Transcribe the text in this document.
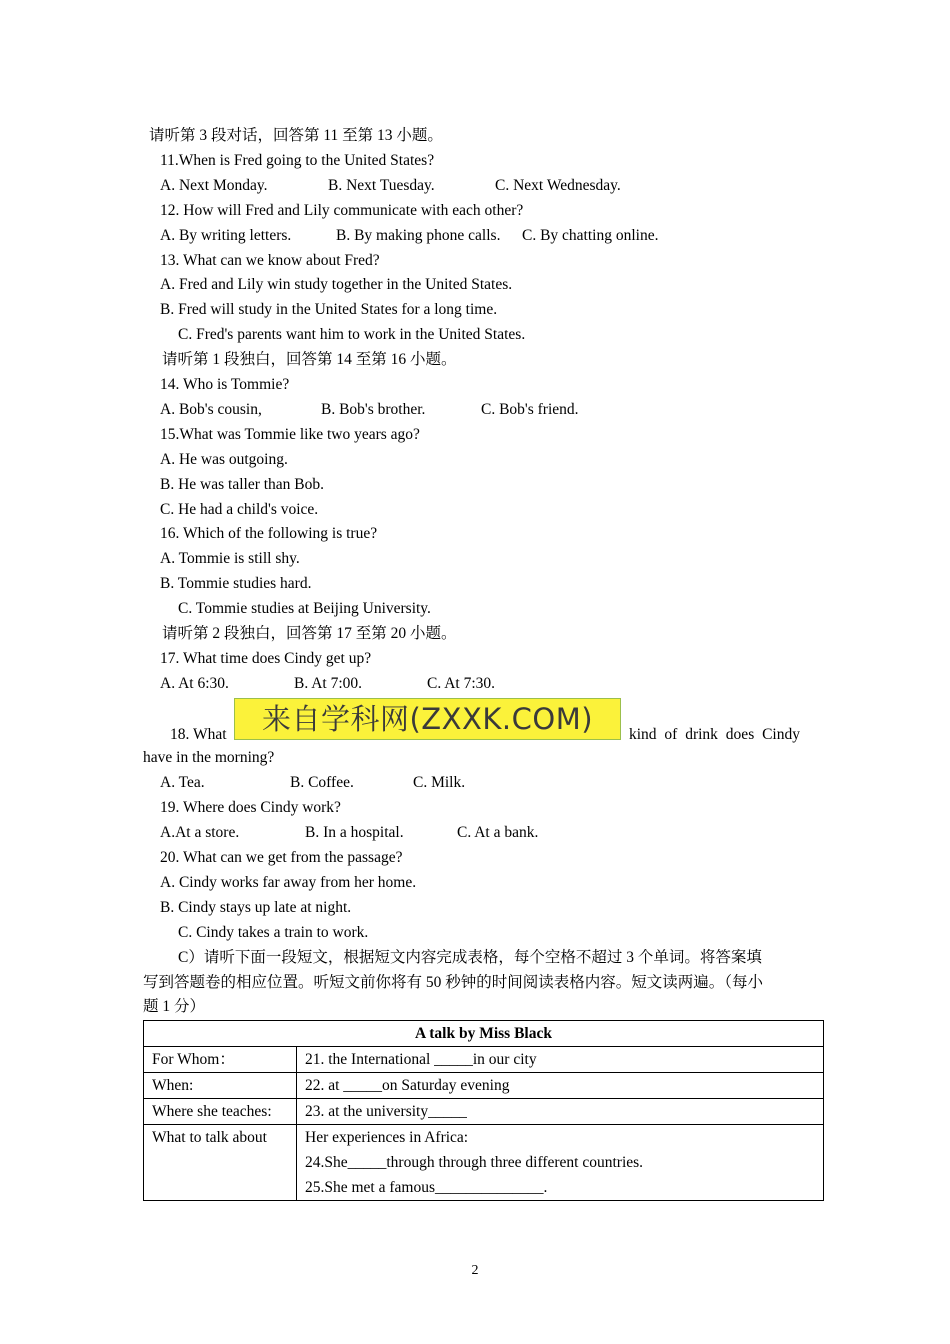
请听第 3 段对话，回答第 11 至第 13 小题。
11.When is Fred going to the United States?
A. Next Monday.	B. Next Tuesday.	C. Next Wednesday.
12. How will Fred and Lily communicate with each other?
A. By writing letters.	B. By making phone calls. C. By chatting online.
13. What can we know about Fred?
A. Fred and Lily win study together in the United States.
B. Fred will study in the United States for a long time.
C. Fred's parents want him to work in the United States.
请听第 1 段独白，回答第 14 至第 16 小题。
14. Who is Tommie?
A. Bob's cousin,	B. Bob's brother.	C. Bob's friend.
15.What was Tommie like two years ago?
A. He was outgoing.
B. He was taller than Bob.
C. He had a child's voice.
16. Which of the following is true?
A. Tommie is still shy.
B. Tommie studies hard.
C. Tommie studies at Beijing University.
请听第 2 段独白，回答第 17 至第 20 小题。
17. What time does Cindy get up?
A. At 6:30.	B. At 7:00.	C. At 7:30.
18. What	来自学科网(ZXXK.COM)	kind of drink does Cindy
have in the morning?
A. Tea.	B. Coffee.	C. Milk.
19. Where does Cindy work?
A.At a store.	B. In a hospital.	C. At a bank.
20. What can we get from the passage?
A. Cindy works far away from her home.
B. Cindy stays up late at night.
C. Cindy takes a train to work.
C）请听下面一段短文，根据短文内容完成表格，每个空格不超过 3 个单词。将答案填
写到答题卷的相应位置。听短文前你将有 50 秒钟的时间阅读表格内容。短文读两遍。（每小
题 1 分）
A talk by Miss Black	
For Whom：	21. the International _____in our city
When:	22. at _____on Saturday evening
Where she teaches:	23. at the university_____
What to talk about	Her experiences in Africa:
24.She_____through through three different countries.
25.She met a famous______________.
2
